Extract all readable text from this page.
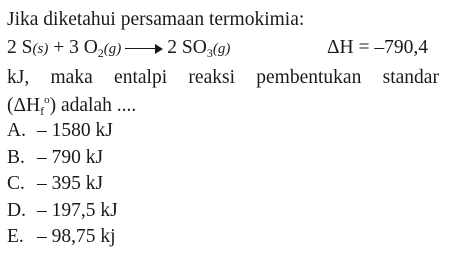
Jika diketahui persamaan termokimia:
2 S(s) + 3 $O_2(g)$ 2 $SO_3(g)$	ΔH = –790,4
kJ, maka entalpi reaksi pembentukan standar
$(\Delta H_f^o)$ adalah ....
A. – 1580 kJ
B. – 790 kJ
C. – 395 kJ
D. – 197,5 kJ
E. – 98,75 kj
